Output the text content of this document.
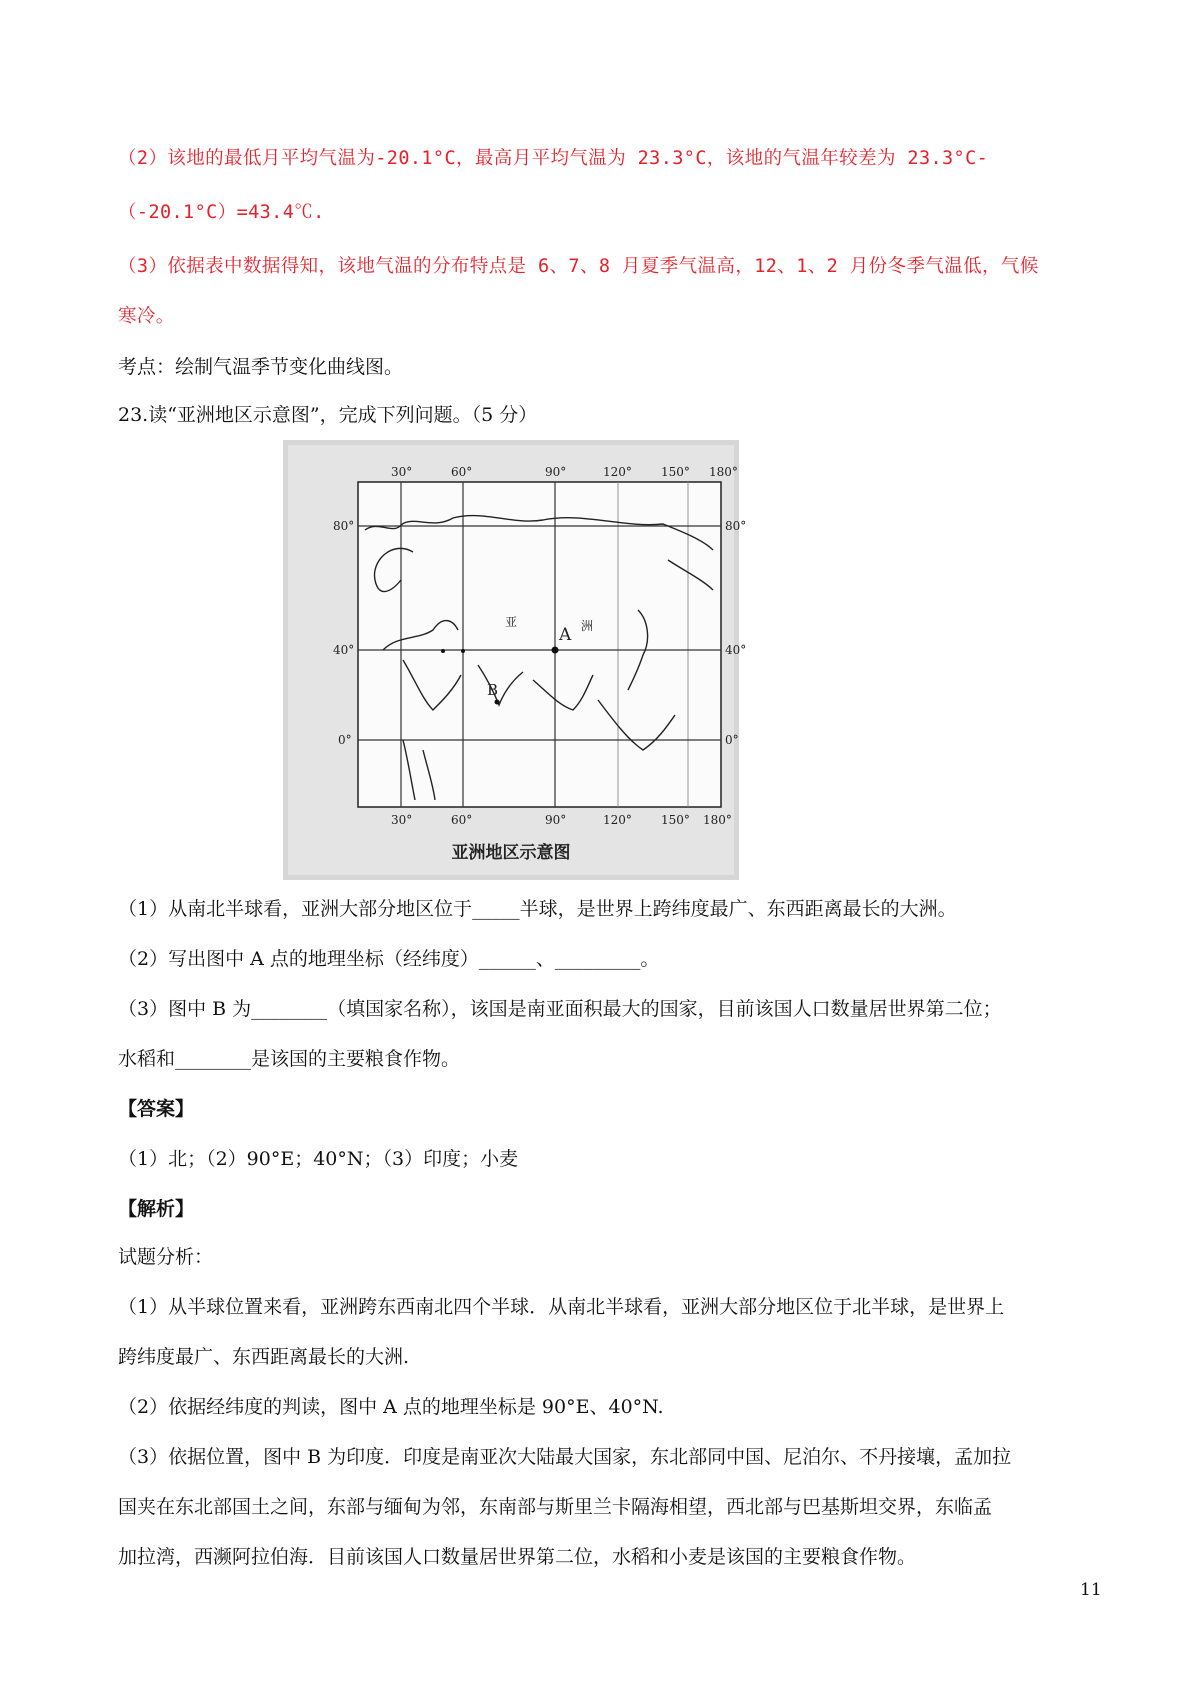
（2）该地的最低月平均气温为-20.1°C，最高月平均气温为 23.3°C，该地的气温年较差为 23.3°C-
（-20.1°C）=43.4℃.
（3）依据表中数据得知，该地气温的分布特点是 6、7、8 月夏季气温高，12、1、2 月份冬季气温低，气候
寒冷。
考点：绘制气温季节变化曲线图。
23.读“亚洲地区示意图”，完成下列问题。（5 分）
30°	60°	90°	120° 150° 180°
30°	60°	90°	120° 150° 180°
80°
40°
0°
80°
40°
0°
亚	洲
A
B
亚洲地区示意图
（1）从南北半球看，亚洲大部分地区位于_____半球，是世界上跨纬度最广、东西距离最长的大洲。
（2）写出图中 A 点的地理坐标（经纬度）______、_________。
（3）图中 B 为________（填国家名称），该国是南亚面积最大的国家，目前该国人口数量居世界第二位；
水稻和________是该国的主要粮食作物。
【答案】
（1）北；（2）90°E；40°N；（3）印度；小麦
【解析】
试题分析：
（1）从半球位置来看，亚洲跨东西南北四个半球．从南北半球看，亚洲大部分地区位于北半球，是世界上
跨纬度最广、东西距离最长的大洲.
（2）依据经纬度的判读，图中 A 点的地理坐标是 90°E、40°N.
（3）依据位置，图中 B 为印度．印度是南亚次大陆最大国家，东北部同中国、尼泊尔、不丹接壤，孟加拉
国夹在东北部国土之间，东部与缅甸为邻，东南部与斯里兰卡隔海相望，西北部与巴基斯坦交界，东临孟
加拉湾，西濒阿拉伯海．目前该国人口数量居世界第二位，水稻和小麦是该国的主要粮食作物。
11
